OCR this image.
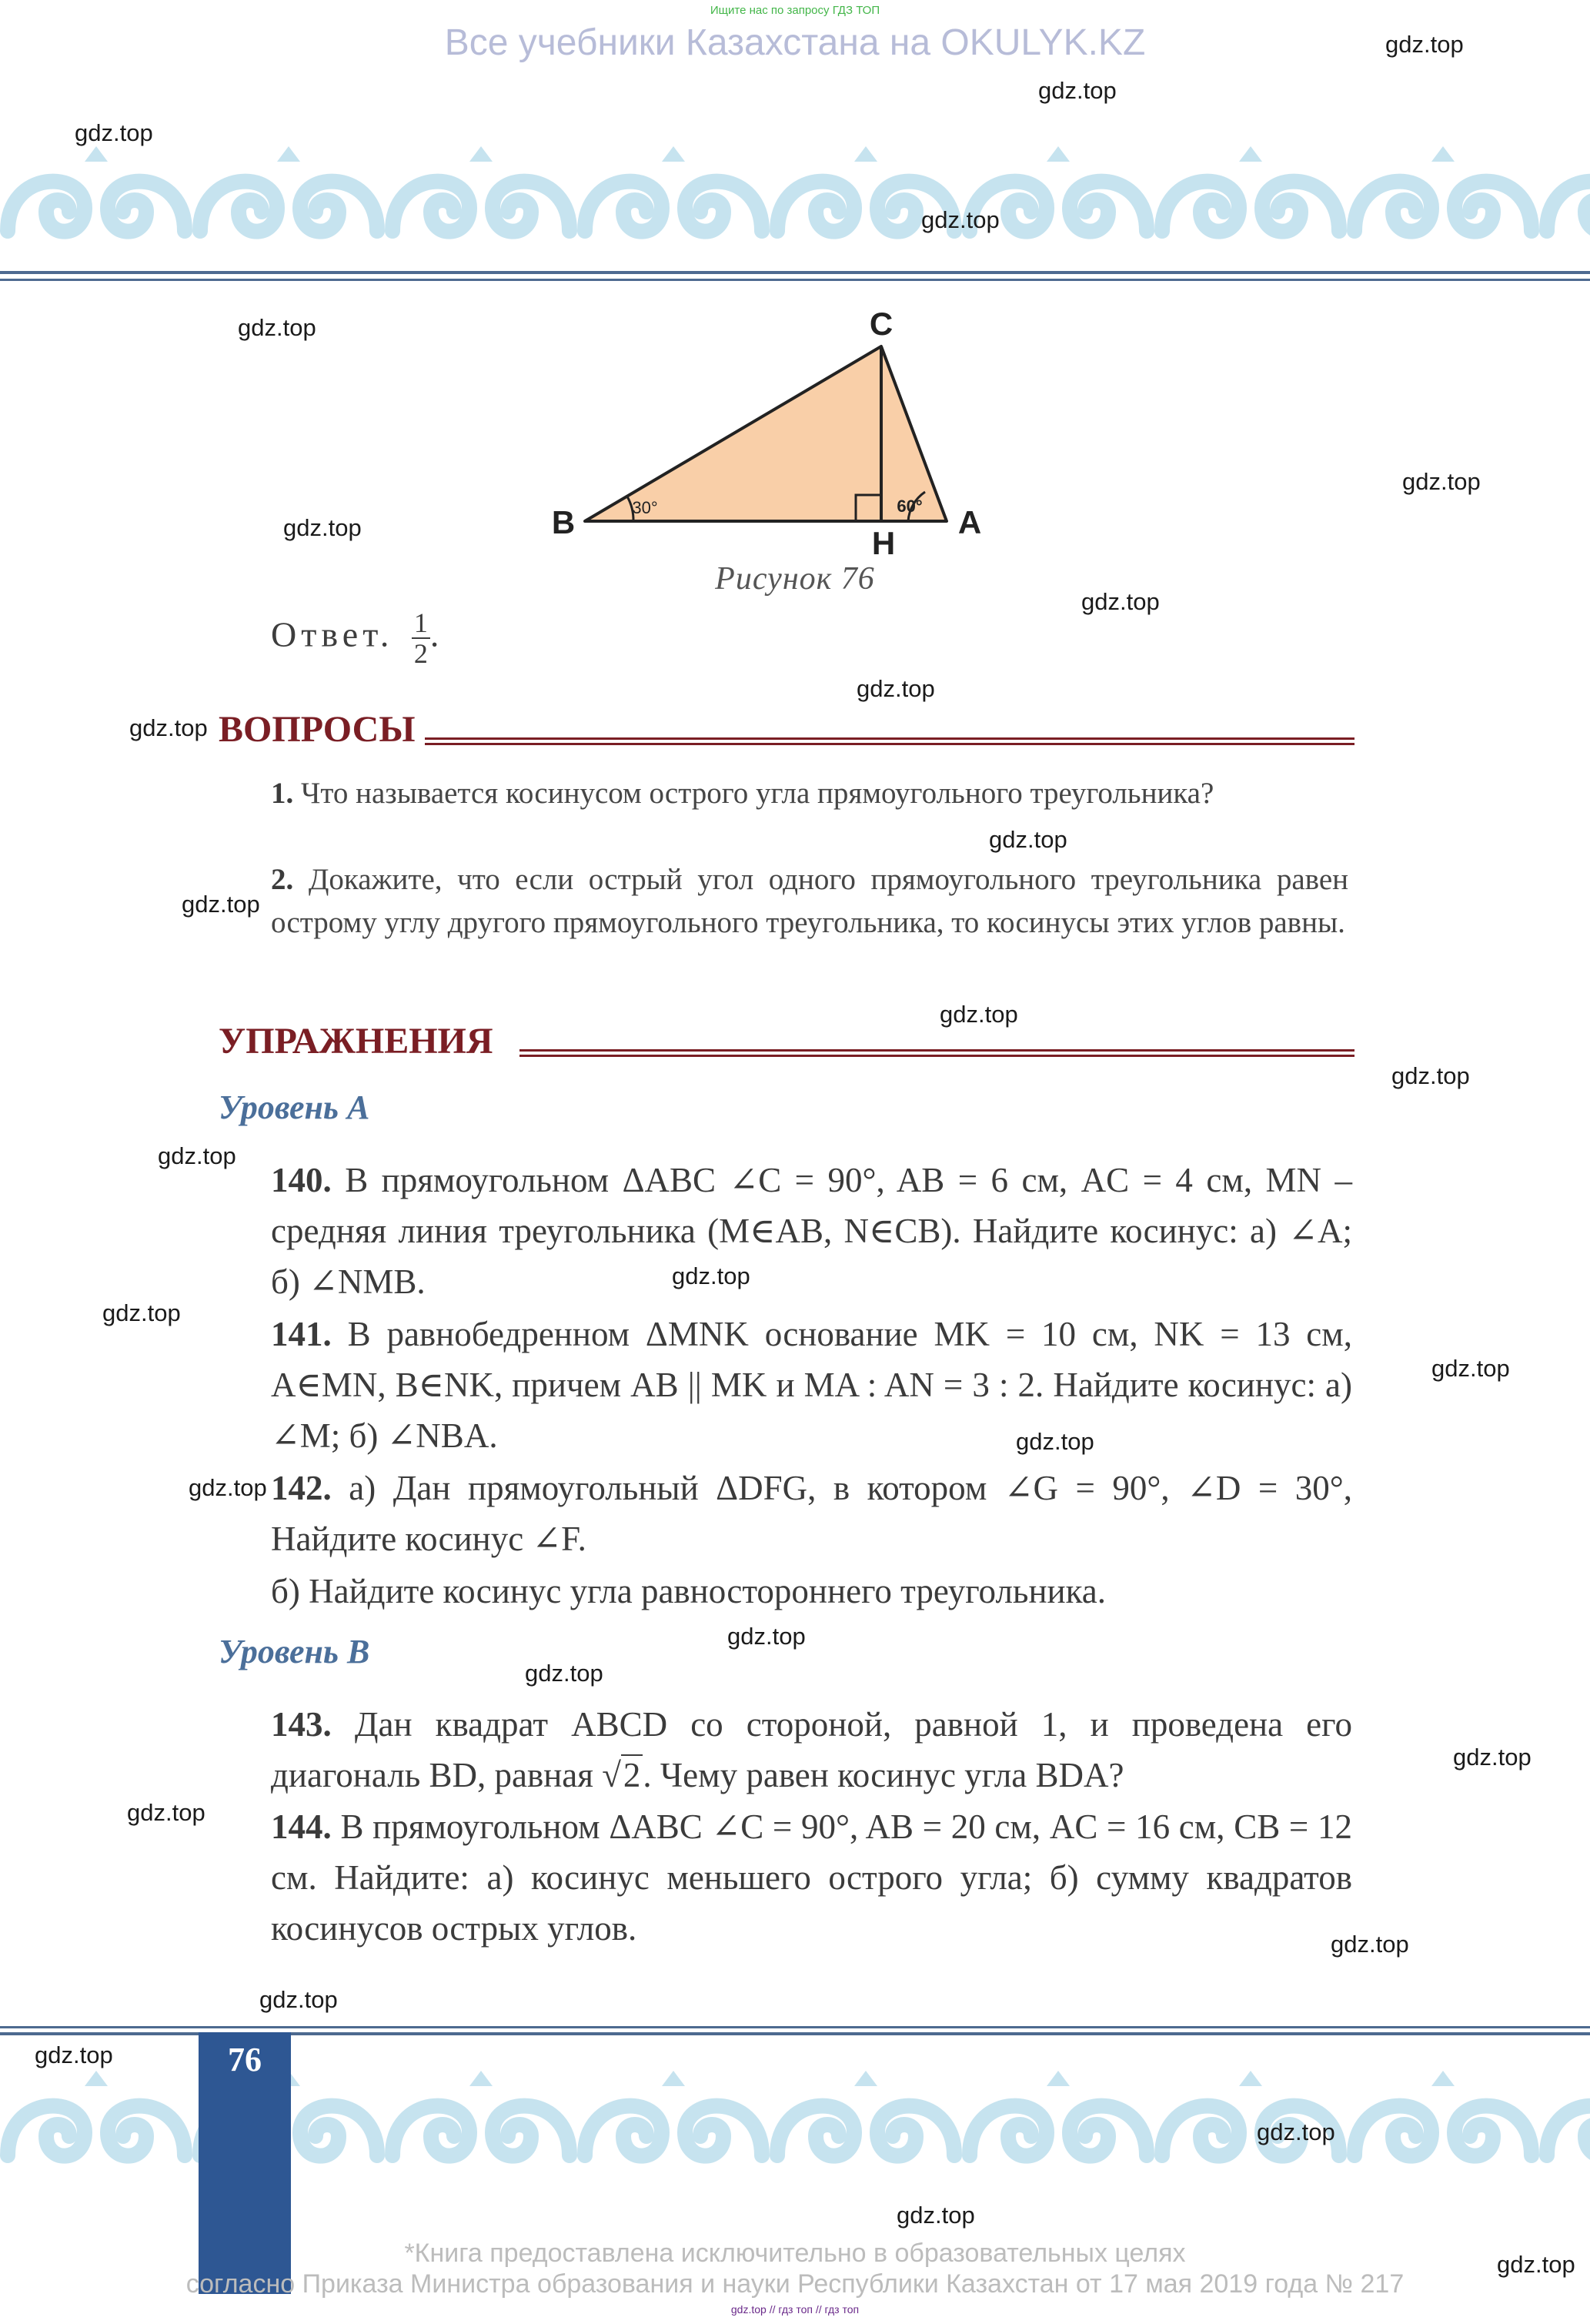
Ищите нас по запросу ГДЗ ТОП
Все учебники Казахстана на OKULYK.KZ
C
B	A
H
30°	60°
Рисунок 76
Ответ. $\frac{1}{2}$ .
ВОПРОСЫ
1. Что называется косинусом острого угла прямоугольного треугольника?
2. Докажите, что если острый угол одного прямоугольного треугольника равен острому углу другого прямоугольного треугольника, то косинусы этих углов равны.
УПРАЖНЕНИЯ
Уровень А
140. В прямоугольном ΔABC ∠C = 90°, AB = 6 см, AC = 4 см, MN – средняя линия треугольника (M∈AB, N∈CB). Найдите косинус: а) ∠A; б) ∠NMB.
141. В равнобедренном ΔMNK основание MK = 10 см, NK = 13 см, A∈MN, B∈NK, причем AB || MK и MA : AN = 3 : 2. Найдите косинус: а) ∠M; б) ∠NBA.
142. а) Дан прямоугольный ΔDFG, в котором ∠G = 90°, ∠D = 30°, Найдите косинус ∠F.
б) Найдите косинус угла равностороннего треугольника.
Уровень В
143. Дан квадрат ABCD со стороной, равной 1, и проведена его диагональ BD, равная √2. Чему равен косинус угла BDA?
144. В прямоугольном ΔABC ∠C = 90°, AB = 20 см, AC = 16 см, CB = 12 см. Найдите: а) косинус меньшего острого угла; б) сумму квадратов косинусов острых углов.
76
*Книга предоставлена исключительно в образовательных целях
согласно Приказа Министра образования и науки Республики Казахстан от 17 мая 2019 года № 217
gdz.top // гдз топ // гдз топ
gdz.top
gdz.top
gdz.top
gdz.top
gdz.top
gdz.top
gdz.top
gdz.top
gdz.top
gdz.top
gdz.top
gdz.top
gdz.top
gdz.top
gdz.top
gdz.top
gdz.top
gdz.top
gdz.top
gdz.top
gdz.top
gdz.top
gdz.top
gdz.top
gdz.top
gdz.top
gdz.top
gdz.top
gdz.top
gdz.top
